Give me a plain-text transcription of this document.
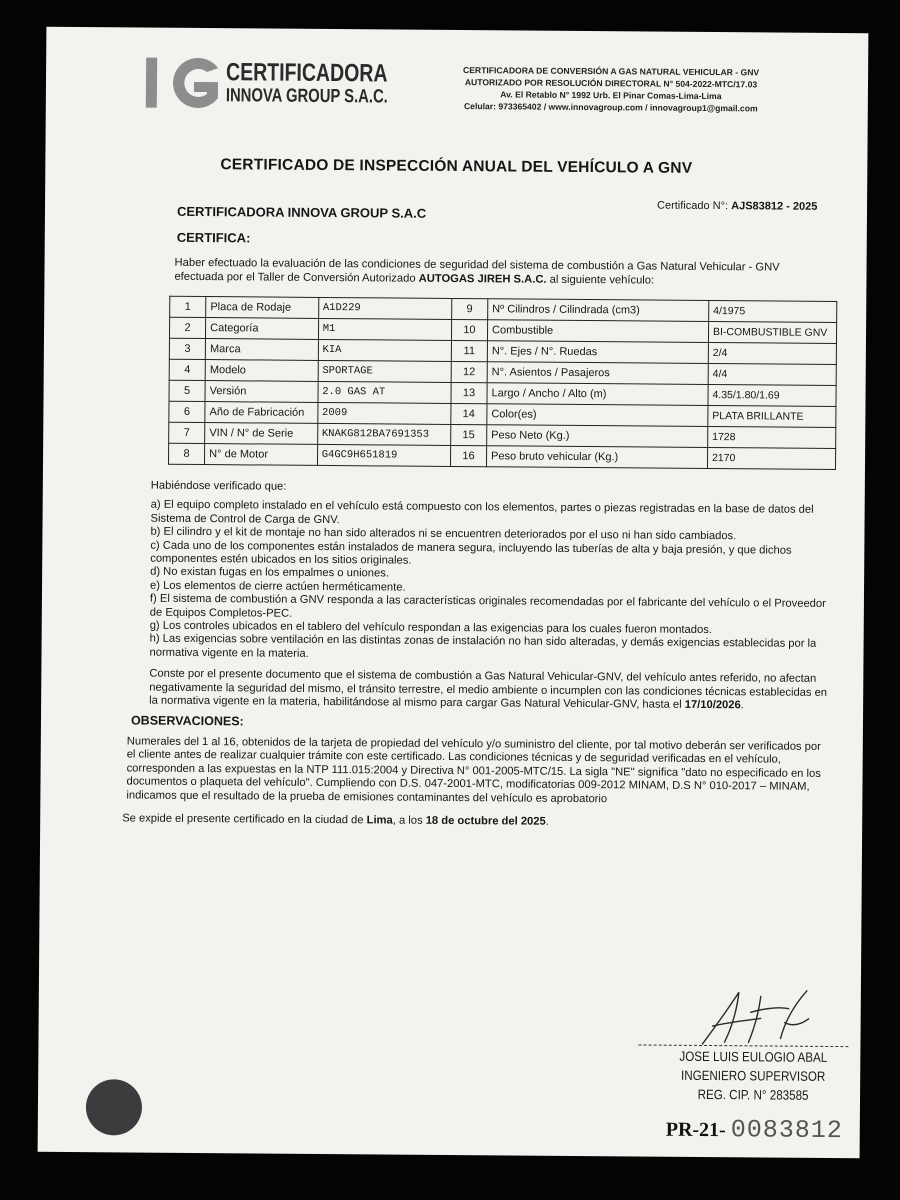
CERTIFICADORA
INNOVA GROUP S.A.C.
CERTIFICADORA DE CONVERSIÓN A GAS NATURAL VEHICULAR - GNV
AUTORIZADO POR RESOLUCIÓN DIRECTORAL N° 504-2022-MTC/17.03
Av. El Retablo N° 1992 Urb. El Pinar Comas-Lima-Lima
Celular: 973365402 / www.innovagroup.com / innovagroup1@gmail.com
CERTIFICADO DE INSPECCIÓN ANUAL DEL VEHÍCULO A GNV
Certificado N°: AJS83812 - 2025
CERTIFICADORA INNOVA GROUP S.A.C
CERTIFICA:
Haber efectuado la evaluación de las condiciones de seguridad del sistema de combustión a Gas Natural Vehicular - GNV efectuada por el Taller de Conversión Autorizado AUTOGAS JIREH S.A.C. al siguiente vehículo:
1	Placa de Rodaje	A1D229	9	Nº Cilindros / Cilindrada (cm3)	4/1975
2	Categoría	M1	10	Combustible	BI-COMBUSTIBLE GNV
3	Marca	KIA	11	N°. Ejes / N°. Ruedas	2/4
4	Modelo	SPORTAGE	12	N°. Asientos / Pasajeros	4/4
5	Versión	2.0 GAS AT	13	Largo / Ancho / Alto (m)	4.35/1.80/1.69
6	Año de Fabricación	2009	14	Color(es)	PLATA BRILLANTE
7	VIN / N° de Serie	KNAKG812BA7691353	15	Peso Neto (Kg.)	1728
8	N° de Motor	G4GC9H651819	16	Peso bruto vehicular (Kg.)	2170

Habiéndose verificado que:

a) El equipo completo instalado en el vehículo está compuesto con los elementos, partes o piezas registradas en la base de datos del Sistema de Control de Carga de GNV.

b) El cilindro y el kit de montaje no han sido alterados ni se encuentren deteriorados por el uso ni han sido cambiados.

c) Cada uno de los componentes están instalados de manera segura, incluyendo las tuberías de alta y baja presión, y que dichos componentes estén ubicados en los sitios originales.

d) No existan fugas en los empalmes o uniones.

e) Los elementos de cierre actúen herméticamente.

f) El sistema de combustión a GNV responda a las características originales recomendadas por el fabricante del vehículo o el Proveedor de Equipos Completos-PEC.

g) Los controles ubicados en el tablero del vehículo respondan a las exigencias para los cuales fueron montados.

h) Las exigencias sobre ventilación en las distintas zonas de instalación no han sido alteradas, y demás exigencias establecidas por la normativa vigente en la materia.

Conste por el presente documento que el sistema de combustión a Gas Natural Vehicular-GNV, del vehículo antes referido, no afectan negativamente la seguridad del mismo, el tránsito terrestre, el medio ambiente o incumplen con las condiciones técnicas establecidas en la normativa vigente en la materia, habilitándose al mismo para cargar Gas Natural Vehicular-GNV, hasta el 17/10/2026.

OBSERVACIONES:

Numerales del 1 al 16, obtenidos de la tarjeta de propiedad del vehículo y/o suministro del cliente, por tal motivo deberán ser verificados por el cliente antes de realizar cualquier trámite con este certificado. Las condiciones técnicas y de seguridad verificadas en el vehículo, corresponden a las expuestas en la NTP 111.015:2004 y Directiva N° 001-2005-MTC/15. La sigla "NE" significa "dato no especificado en los documentos o plaqueta del vehículo". Cumpliendo con D.S. 047-2001-MTC, modificatorias 009-2012 MINAM, D.S N° 010-2017 – MINAM, indicamos que el resultado de la prueba de emisiones contaminantes del vehículo es aprobatorio

Se expide el presente certificado en la ciudad de Lima, a los 18 de octubre del 2025.

JOSE LUIS EULOGIO ABAL
INGENIERO SUPERVISOR
REG. CIP. N° 283585
PR-21- 0083812
